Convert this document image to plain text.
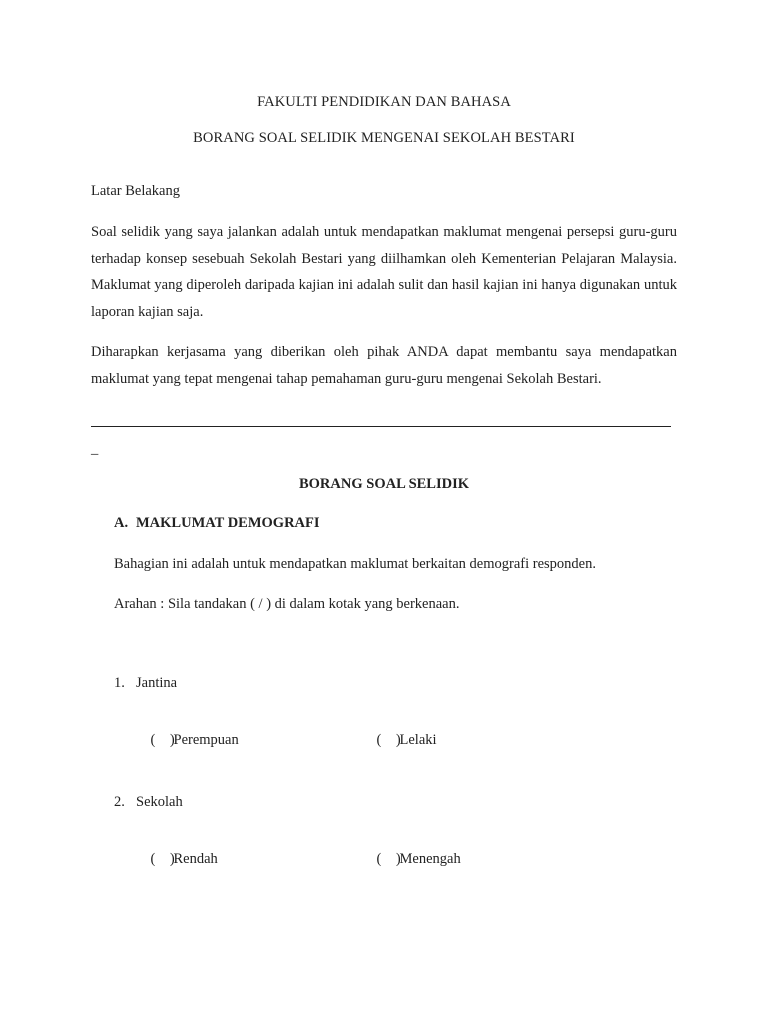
FAKULTI PENDIDIKAN DAN BAHASA
BORANG SOAL SELIDIK MENGENAI SEKOLAH BESTARI
Latar Belakang
Soal selidik yang saya jalankan adalah untuk mendapatkan maklumat mengenai persepsi guru-guru terhadap konsep sesebuah Sekolah Bestari yang diilhamkan oleh Kementerian Pelajaran Malaysia. Maklumat yang diperoleh daripada kajian ini adalah sulit dan hasil kajian ini hanya digunakan untuk laporan kajian saja.
Diharapkan kerjasama yang diberikan oleh pihak ANDA dapat membantu saya mendapatkan maklumat yang tepat mengenai tahap pemahaman guru-guru mengenai Sekolah Bestari.
_
BORANG SOAL SELIDIK
A. MAKLUMAT DEMOGRAFI
Bahagian ini adalah untuk mendapatkan maklumat berkaitan demografi responden.
Arahan : Sila tandakan ( / ) di dalam kotak yang berkenaan.
1. Jantina

(    )Perempuan
	(    )Lelaki

2. Sekolah

(    )Rendah
	(    )Menengah
